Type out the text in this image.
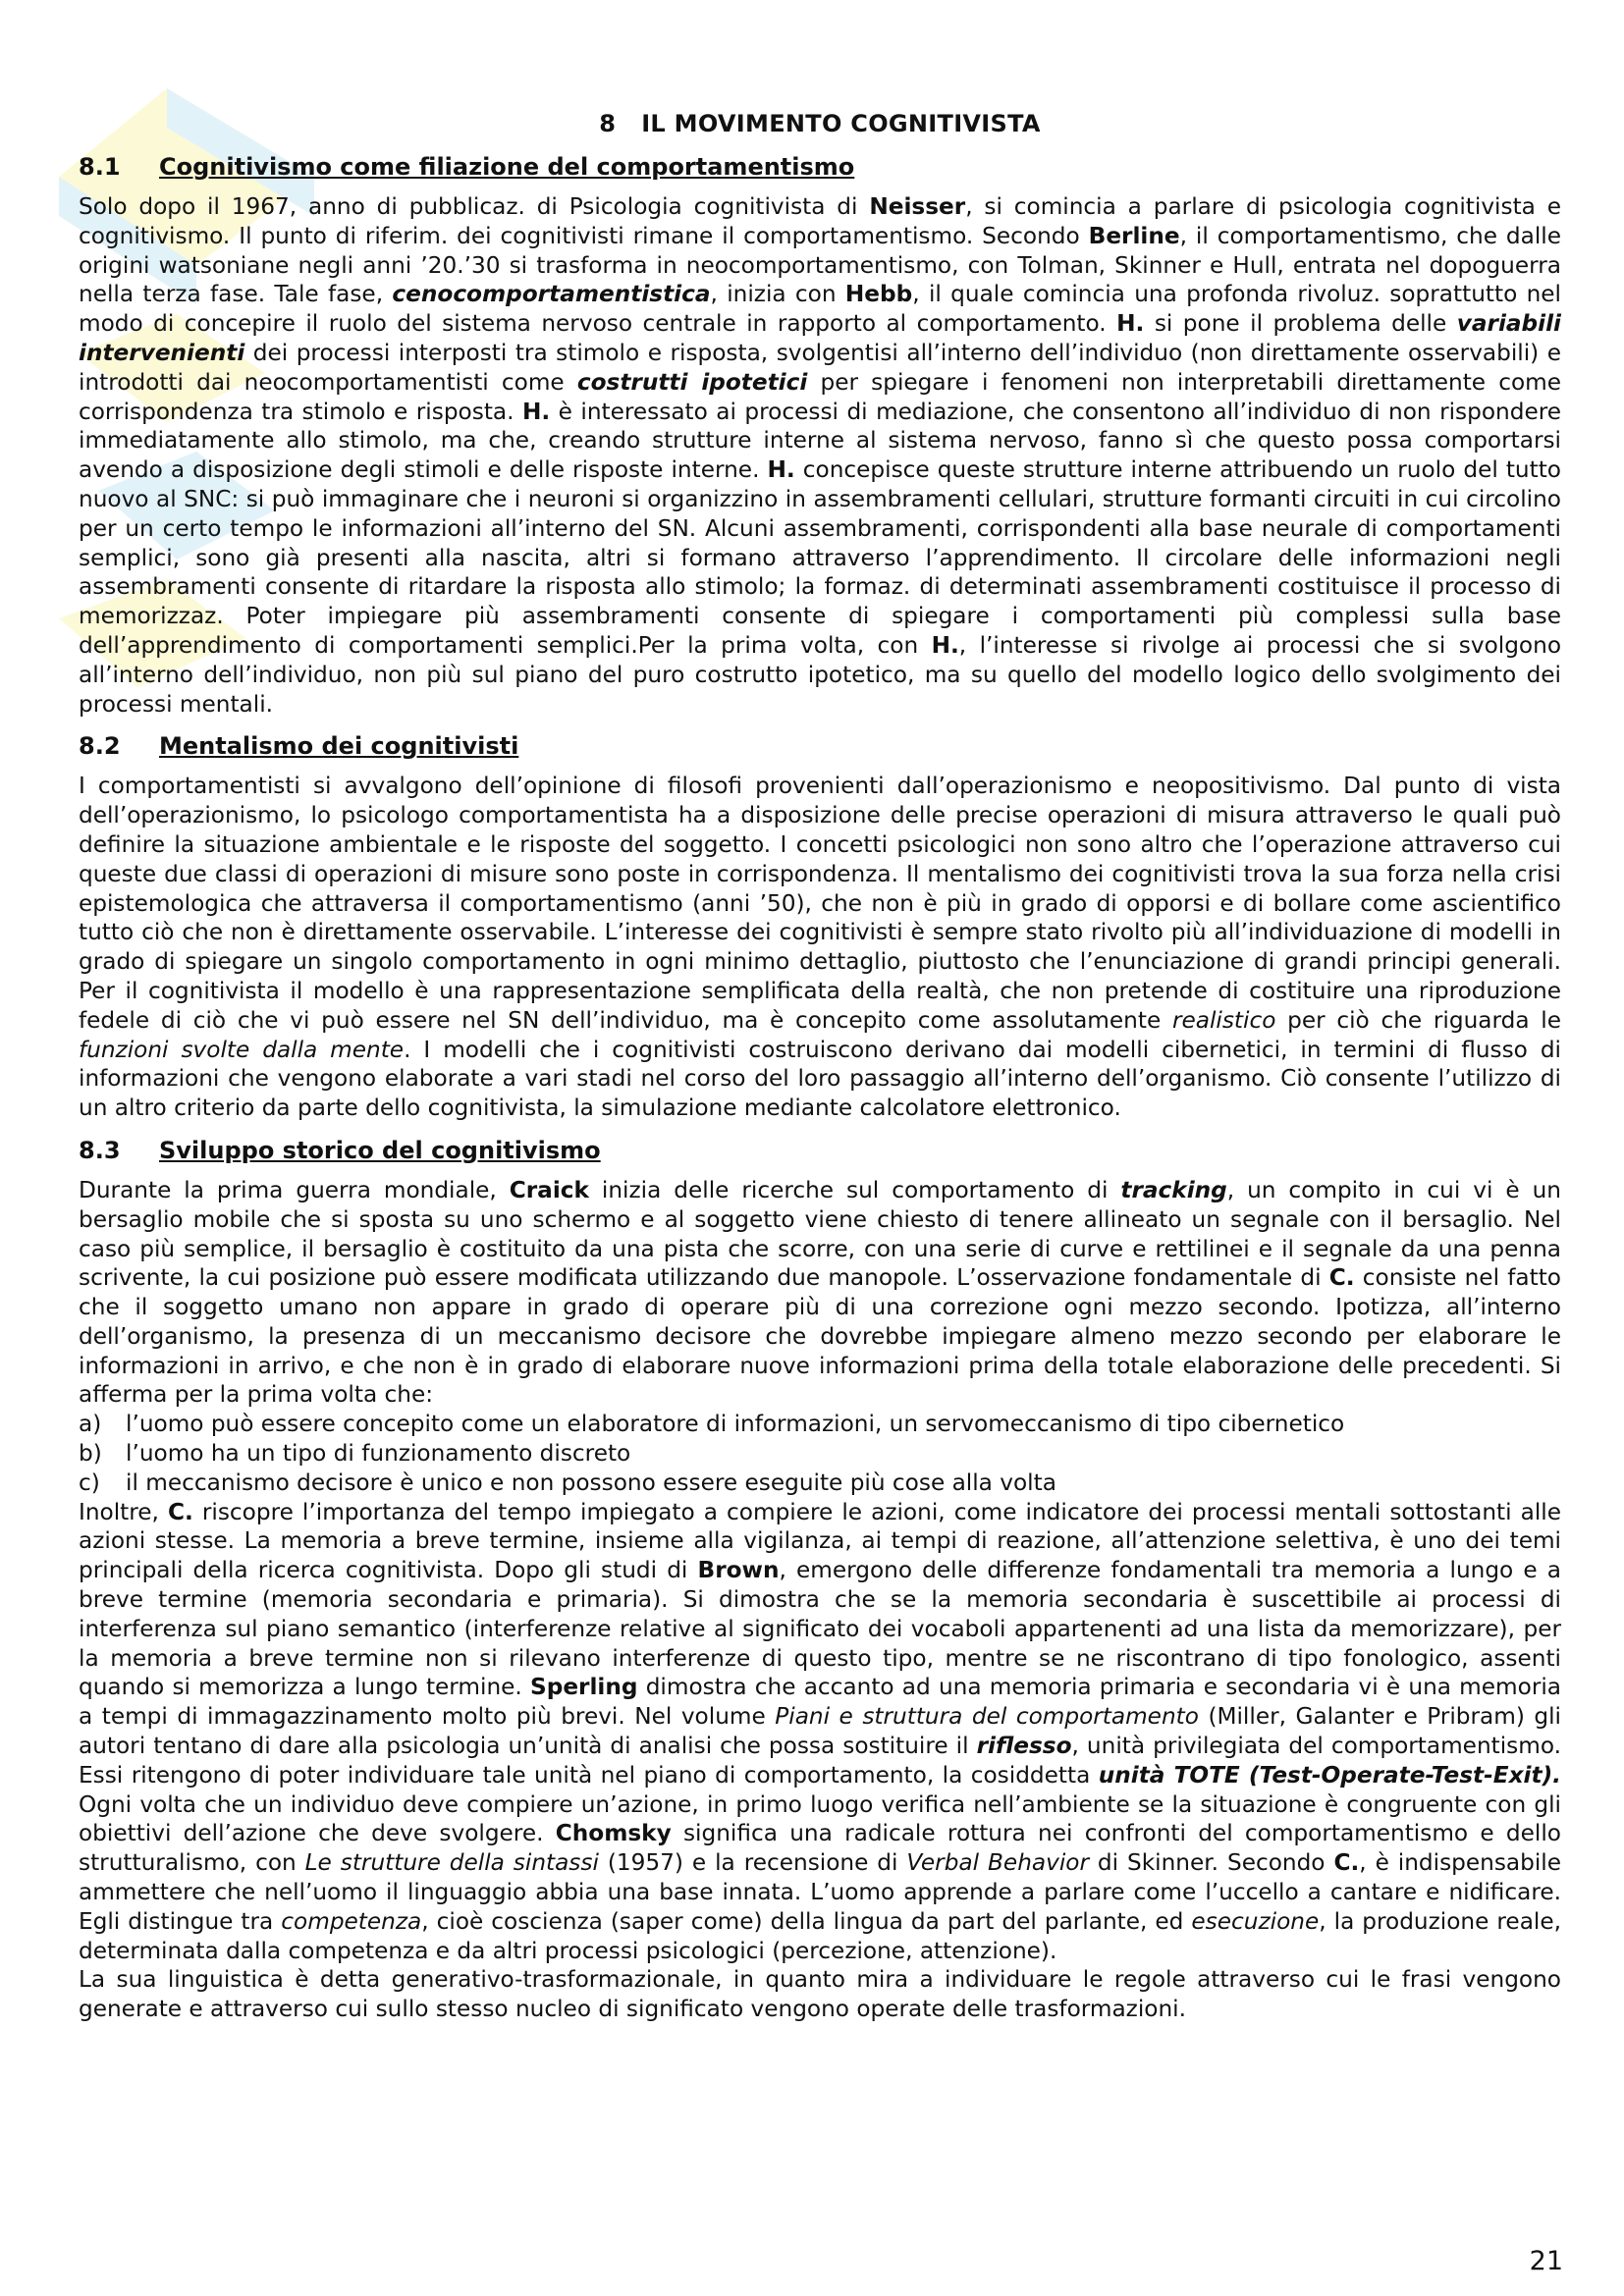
8 IL MOVIMENTO COGNITIVISTA
8.1	Cognitivismo come filiazione del comportamentismo

Solo dopo il 1967, anno di pubblicaz. di Psicologia cognitivista di Neisser, si comincia a parlare di psicologia cognitivista e cognitivismo. Il punto di riferim. dei cognitivisti rimane il comportamentismo. Secondo Berline, il comportamentismo, che dalle origini watsoniane negli anni ’20.’30 si trasforma in neocomportamentismo, con Tolman, Skinner e Hull, entrata nel dopoguerra nella terza fase. Tale fase, cenocomportamentistica, inizia con Hebb, il quale comincia una profonda rivoluz. soprattutto nel modo di concepire il ruolo del sistema nervoso centrale in rapporto al comportamento. H. si pone il problema delle variabili intervenienti dei processi interposti tra stimolo e risposta, svolgentisi all’interno dell’individuo (non direttamente osservabili) e introdotti dai neocomportamentisti come costrutti ipotetici per spiegare i fenomeni non interpretabili direttamente come corrispondenza tra stimolo e risposta. H. è interessato ai processi di mediazione, che consentono all’individuo di non rispondere immediatamente allo stimolo, ma che, creando strutture interne al sistema nervoso, fanno sì che questo possa comportarsi avendo a disposizione degli stimoli e delle risposte interne. H. concepisce queste strutture interne attribuendo un ruolo del tutto nuovo al SNC: si può immaginare che i neuroni si organizzino in assembramenti cellulari, strutture formanti circuiti in cui circolino per un certo tempo le informazioni all’interno del SN. Alcuni assembramenti, corrispondenti alla base neurale di comportamenti semplici, sono già presenti alla nascita, altri si formano attraverso l’apprendimento. Il circolare delle informazioni negli assembramenti consente di ritardare la risposta allo stimolo; la formaz. di determinati assembramenti costituisce il processo di memorizzaz. Poter impiegare più assembramenti consente di spiegare i comportamenti più complessi sulla base dell’apprendimento di comportamenti semplici.Per la prima volta, con H., l’interesse si rivolge ai processi che si svolgono all’interno dell’individuo, non più sul piano del puro costrutto ipotetico, ma su quello del modello logico dello svolgimento dei processi mentali.

8.2	Mentalismo dei cognitivisti

I comportamentisti si avvalgono dell’opinione di filosofi provenienti dall’operazionismo e neopositivismo. Dal punto di vista dell’operazionismo, lo psicologo comportamentista ha a disposizione delle precise operazioni di misura attraverso le quali può definire la situazione ambientale e le risposte del soggetto. I concetti psicologici non sono altro che l’operazione attraverso cui queste due classi di operazioni di misure sono poste in corrispondenza. Il mentalismo dei cognitivisti trova la sua forza nella crisi epistemologica che attraversa il comportamentismo (anni ’50), che non è più in grado di opporsi e di bollare come ascientifico tutto ciò che non è direttamente osservabile. L’interesse dei cognitivisti è sempre stato rivolto più all’individuazione di modelli in grado di spiegare un singolo comportamento in ogni minimo dettaglio, piuttosto che l’enunciazione di grandi principi generali. Per il cognitivista il modello è una rappresentazione semplificata della realtà, che non pretende di costituire una riproduzione fedele di ciò che vi può essere nel SN dell’individuo, ma è concepito come assolutamente realistico per ciò che riguarda le funzioni svolte dalla mente. I modelli che i cognitivisti costruiscono derivano dai modelli cibernetici, in termini di flusso di informazioni che vengono elaborate a vari stadi nel corso del loro passaggio all’interno dell’organismo. Ciò consente l’utilizzo di un altro criterio da parte dello cognitivista, la simulazione mediante calcolatore elettronico.

8.3	Sviluppo storico del cognitivismo

Durante la prima guerra mondiale, Craick inizia delle ricerche sul comportamento di tracking, un compito in cui vi è un bersaglio mobile che si sposta su uno schermo e al soggetto viene chiesto di tenere allineato un segnale con il bersaglio. Nel caso più semplice, il bersaglio è costituito da una pista che scorre, con una serie di curve e rettilinei e il segnale da una penna scrivente, la cui posizione può essere modificata utilizzando due manopole. L’osservazione fondamentale di C. consiste nel fatto che il soggetto umano non appare in grado di operare più di una correzione ogni mezzo secondo. Ipotizza, all’interno dell’organismo, la presenza di un meccanismo decisore che dovrebbe impiegare almeno mezzo secondo per elaborare le informazioni in arrivo, e che non è in grado di elaborare nuove informazioni prima della totale elaborazione delle precedenti. Si afferma per la prima volta che:

a)	l’uomo può essere concepito come un elaboratore di informazioni, un servomeccanismo di tipo cibernetico
b)	l’uomo ha un tipo di funzionamento discreto
c)	il meccanismo decisore è unico e non possono essere eseguite più cose alla volta

Inoltre, C. riscopre l’importanza del tempo impiegato a compiere le azioni, come indicatore dei processi mentali sottostanti alle azioni stesse. La memoria a breve termine, insieme alla vigilanza, ai tempi di reazione, all’attenzione selettiva, è uno dei temi principali della ricerca cognitivista. Dopo gli studi di Brown, emergono delle differenze fondamentali tra memoria a lungo e a breve termine (memoria secondaria e primaria). Si dimostra che se la memoria secondaria è suscettibile ai processi di interferenza sul piano semantico (interferenze relative al significato dei vocaboli appartenenti ad una lista da memorizzare), per la memoria a breve termine non si rilevano interferenze di questo tipo, mentre se ne riscontrano di tipo fonologico, assenti quando si memorizza a lungo termine. Sperling dimostra che accanto ad una memoria primaria e secondaria vi è una memoria a tempi di immagazzinamento molto più brevi. Nel volume Piani e struttura del comportamento (Miller, Galanter e Pribram) gli autori tentano di dare alla psicologia un’unità di analisi che possa sostituire il riflesso, unità privilegiata del comportamentismo. Essi ritengono di poter individuare tale unità nel piano di comportamento, la cosiddetta unità TOTE (Test-Operate-Test-Exit). Ogni volta che un individuo deve compiere un’azione, in primo luogo verifica nell’ambiente se la situazione è congruente con gli obiettivi dell’azione che deve svolgere. Chomsky significa una radicale rottura nei confronti del comportamentismo e dello strutturalismo, con Le strutture della sintassi (1957) e la recensione di Verbal Behavior di Skinner. Secondo C., è indispensabile ammettere che nell’uomo il linguaggio abbia una base innata. L’uomo apprende a parlare come l’uccello a cantare e nidificare. Egli distingue tra competenza, cioè coscienza (saper come) della lingua da part del parlante, ed esecuzione, la produzione reale, determinata dalla competenza e da altri processi psicologici (percezione, attenzione).

La sua linguistica è detta generativo-trasformazionale, in quanto mira a individuare le regole attraverso cui le frasi vengono generate e attraverso cui sullo stesso nucleo di significato vengono operate delle trasformazioni.

21
